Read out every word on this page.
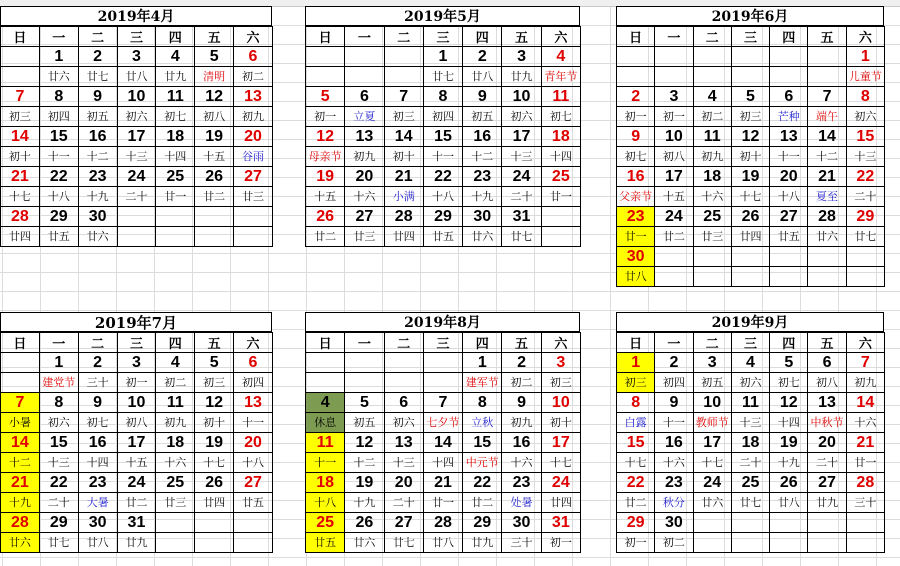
2019年4月
日	一	二	三	四	五	六
	1	2	3	4	5	6
	廿六	廿七	廿八	廿九	清明	初二
7	8	9	10	11	12	13
初三	初四	初五	初六	初七	初八	初九
14	15	16	17	18	19	20
初十	十一	十二	十三	十四	十五	谷雨
21	22	23	24	25	26	27
十七	十八	十九	二十	廿一	廿二	廿三
28	29	30				
廿四	廿五	廿六				
2019年5月
日	一	二	三	四	五	六
			1	2	3	4
			廿七	廿八	廿九	青年节
5	6	7	8	9	10	11
初一	立夏	初三	初四	初五	初六	初七
12	13	14	15	16	17	18
母亲节	初九	初十	十一	十二	十三	十四
19	20	21	22	23	24	25
十五	十六	小满	十八	十九	二十	廿一
26	27	28	29	30	31	
廿二	廿三	廿四	廿五	廿六	廿七	
2019年6月
日	一	二	三	四	五	六
						1
						儿童节
2	3	4	5	6	7	8
初一	初一	初二	初三	芒种	端午	初六
9	10	11	12	13	14	15
初七	初八	初九	初十	十一	十二	十三
16	17	18	19	20	21	22
父亲节	十五	十六	十七	十八	夏至	二十
23	24	25	26	27	28	29
廿一	廿二	廿三	廿四	廿五	廿六	廿七
30						
廿八						
2019年7月
日	一	二	三	四	五	六
	1	2	3	4	5	6
	建党节	三十	初一	初二	初三	初四
7	8	9	10	11	12	13
小暑	初六	初七	初八	初九	初十	十一
14	15	16	17	18	19	20
十二	十三	十四	十五	十六	十七	十八
21	22	23	24	25	26	27
十九	二十	大暑	廿二	廿三	廿四	廿五
28	29	30	31			
廿六	廿七	廿八	廿九			
2019年8月
日	一	二	三	四	五	六
				1	2	3
				建军节	初二	初三
4	5	6	7	8	9	10
休息	初五	初六	七夕节	立秋	初九	初十
11	12	13	14	15	16	17
十一	十二	十三	十四	中元节	十六	十七
18	19	20	21	22	23	24
十八	十九	二十	廿一	廿二	处暑	廿四
25	26	27	28	29	30	31
廿五	廿六	廿七	廿八	廿九	三十	初一
2019年9月
日	一	二	三	四	五	六
1	2	3	4	5	6	7
初三	初四	初五	初六	初七	初八	初九
8	9	10	11	12	13	14
白露	十一	教师节	十三	十四	中秋节	十六
15	16	17	18	19	20	21
十七	十六	十七	二十	十九	二十	廿一
22	23	24	25	26	27	28
廿二	秋分	廿六	廿七	廿八	廿九	三十
29	30					
初一	初二					
